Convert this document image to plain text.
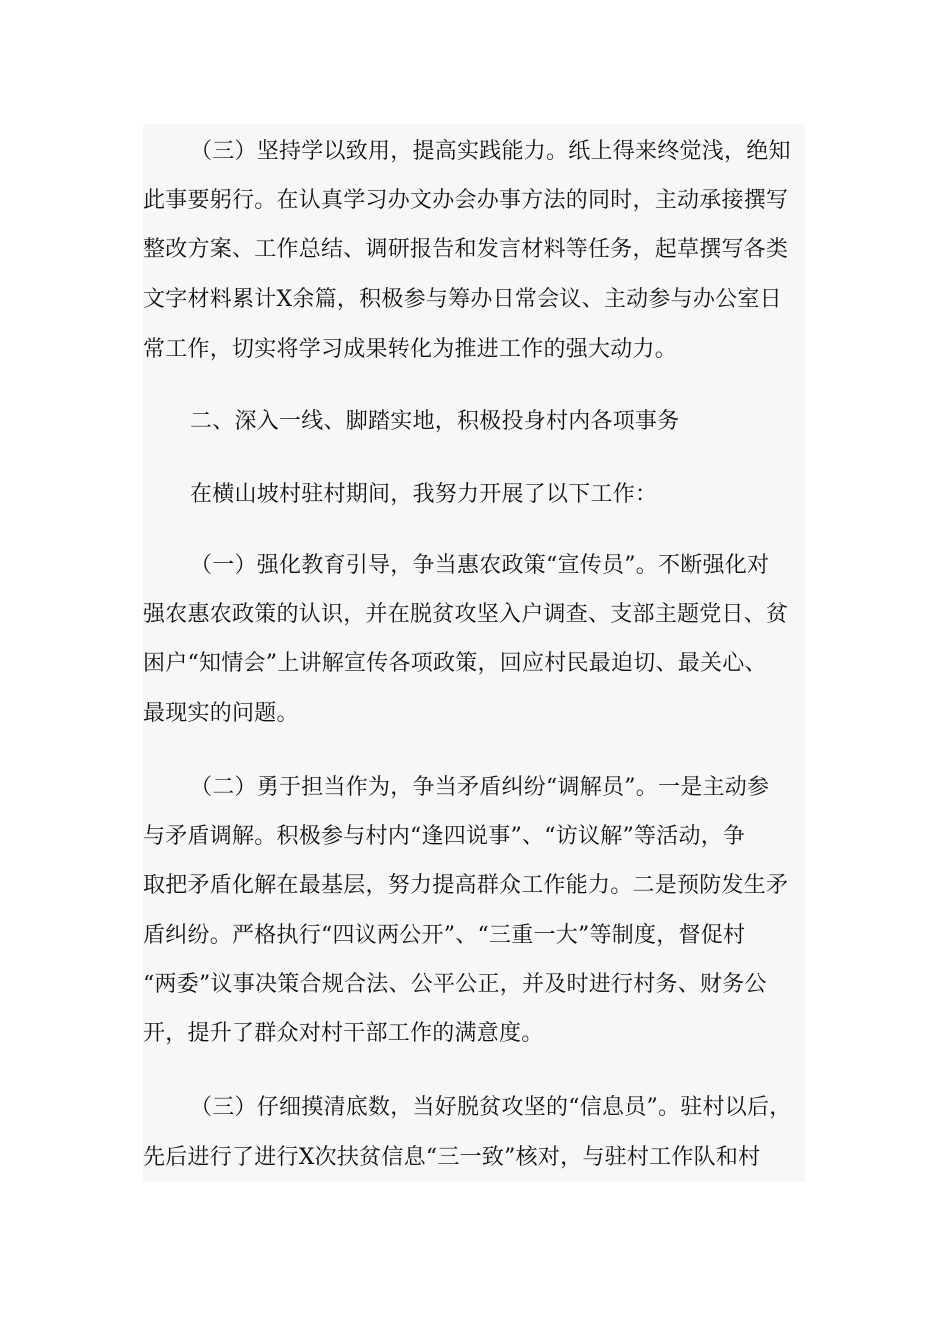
（三）坚持学以致用，提高实践能力。纸上得来终觉浅，绝知
此事要躬行。在认真学习办文办会办事方法的同时，主动承接撰写
整改方案、工作总结、调研报告和发言材料等任务，起草撰写各类
文字材料累计X余篇，积极参与筹办日常会议、主动参与办公室日
常工作，切实将学习成果转化为推进工作的强大动力。
二、深入一线、脚踏实地，积极投身村内各项事务
在横山坡村驻村期间，我努力开展了以下工作：
（一）强化教育引导，争当惠农政策“宣传员”。不断强化对
强农惠农政策的认识，并在脱贫攻坚入户调查、支部主题党日、贫
困户“知情会”上讲解宣传各项政策，回应村民最迫切、最关心、
最现实的问题。
（二）勇于担当作为，争当矛盾纠纷“调解员”。一是主动参
与矛盾调解。积极参与村内“逢四说事”、“访议解”等活动，争
取把矛盾化解在最基层，努力提高群众工作能力。二是预防发生矛
盾纠纷。严格执行“四议两公开”、“三重一大”等制度，督促村
“两委”议事决策合规合法、公平公正，并及时进行村务、财务公
开，提升了群众对村干部工作的满意度。
（三）仔细摸清底数，当好脱贫攻坚的“信息员”。驻村以后，
先后进行了进行X次扶贫信息“三一致”核对，与驻村工作队和村
